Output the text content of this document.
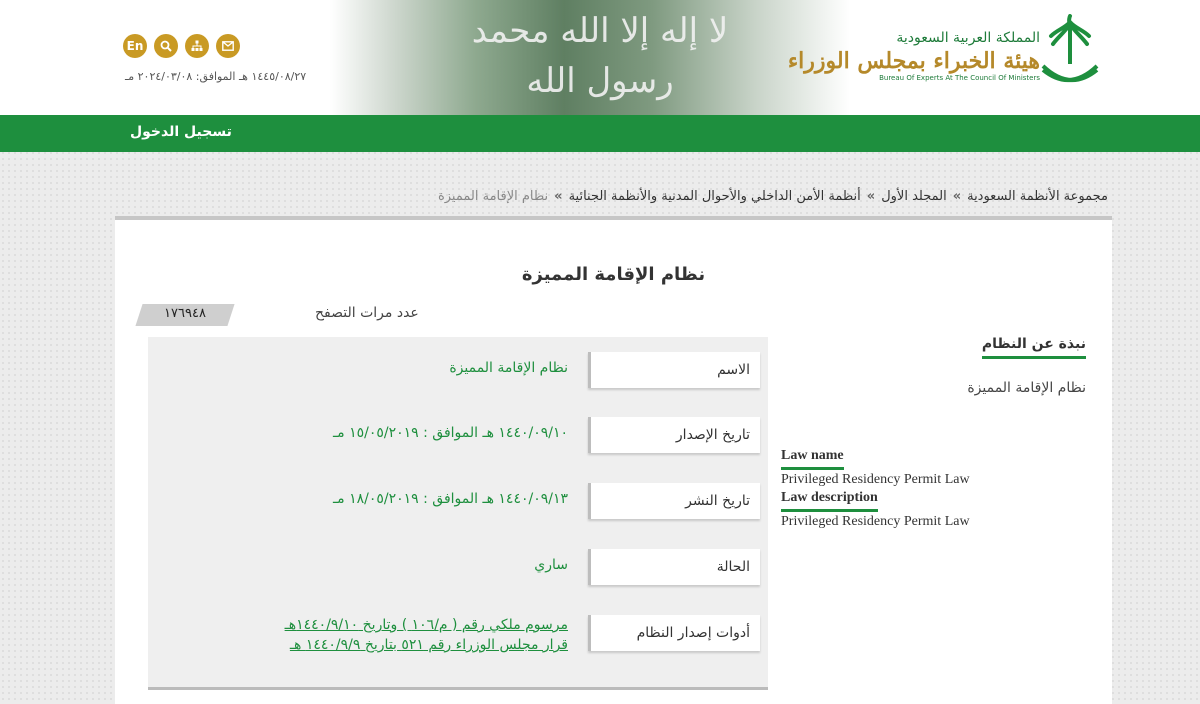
لا إله إلا الله محمد رسول الله
En
١٤٤٥/٠٨/٢٧ هـ الموافق: ٢٠٢٤/٠٣/٠٨ مـ
المملكة العربية السعودية
هيئة الخبراء بمجلس الوزراء
Bureau Of Experts At The Council Of Ministers
تسجيل الدخول
مجموعة الأنظمة السعودية»المجلد الأول»أنظمة الأمن الداخلي والأحوال المدنية والأنظمة الجنائية»نظام الإقامة المميزة
نظام الإقامة المميزة
١٧٦٩٤٨	عدد مرات التصفح
الاسم
نظام الإقامة المميزة
تاريخ الإصدار
١٤٤٠/٠٩/١٠ هـ الموافق : ١٥/٠٥/٢٠١٩ مـ
تاريخ النشر
١٤٤٠/٠٩/١٣ هـ الموافق : ١٨/٠٥/٢٠١٩ مـ
الحالة
ساري
أدوات إصدار النظام
مرسوم ملكي رقم ( م/١٠٦ ) وتاريخ ١٤٤٠/٩/١٠هـ
قرار مجلس الوزراء رقم ٥٢١ بتاريخ ١٤٤٠/٩/٩ هـ
نبذة عن النظام
نظام الإقامة المميزة
Law name
Privileged Residency Permit Law
Law description
Privileged Residency Permit Law
